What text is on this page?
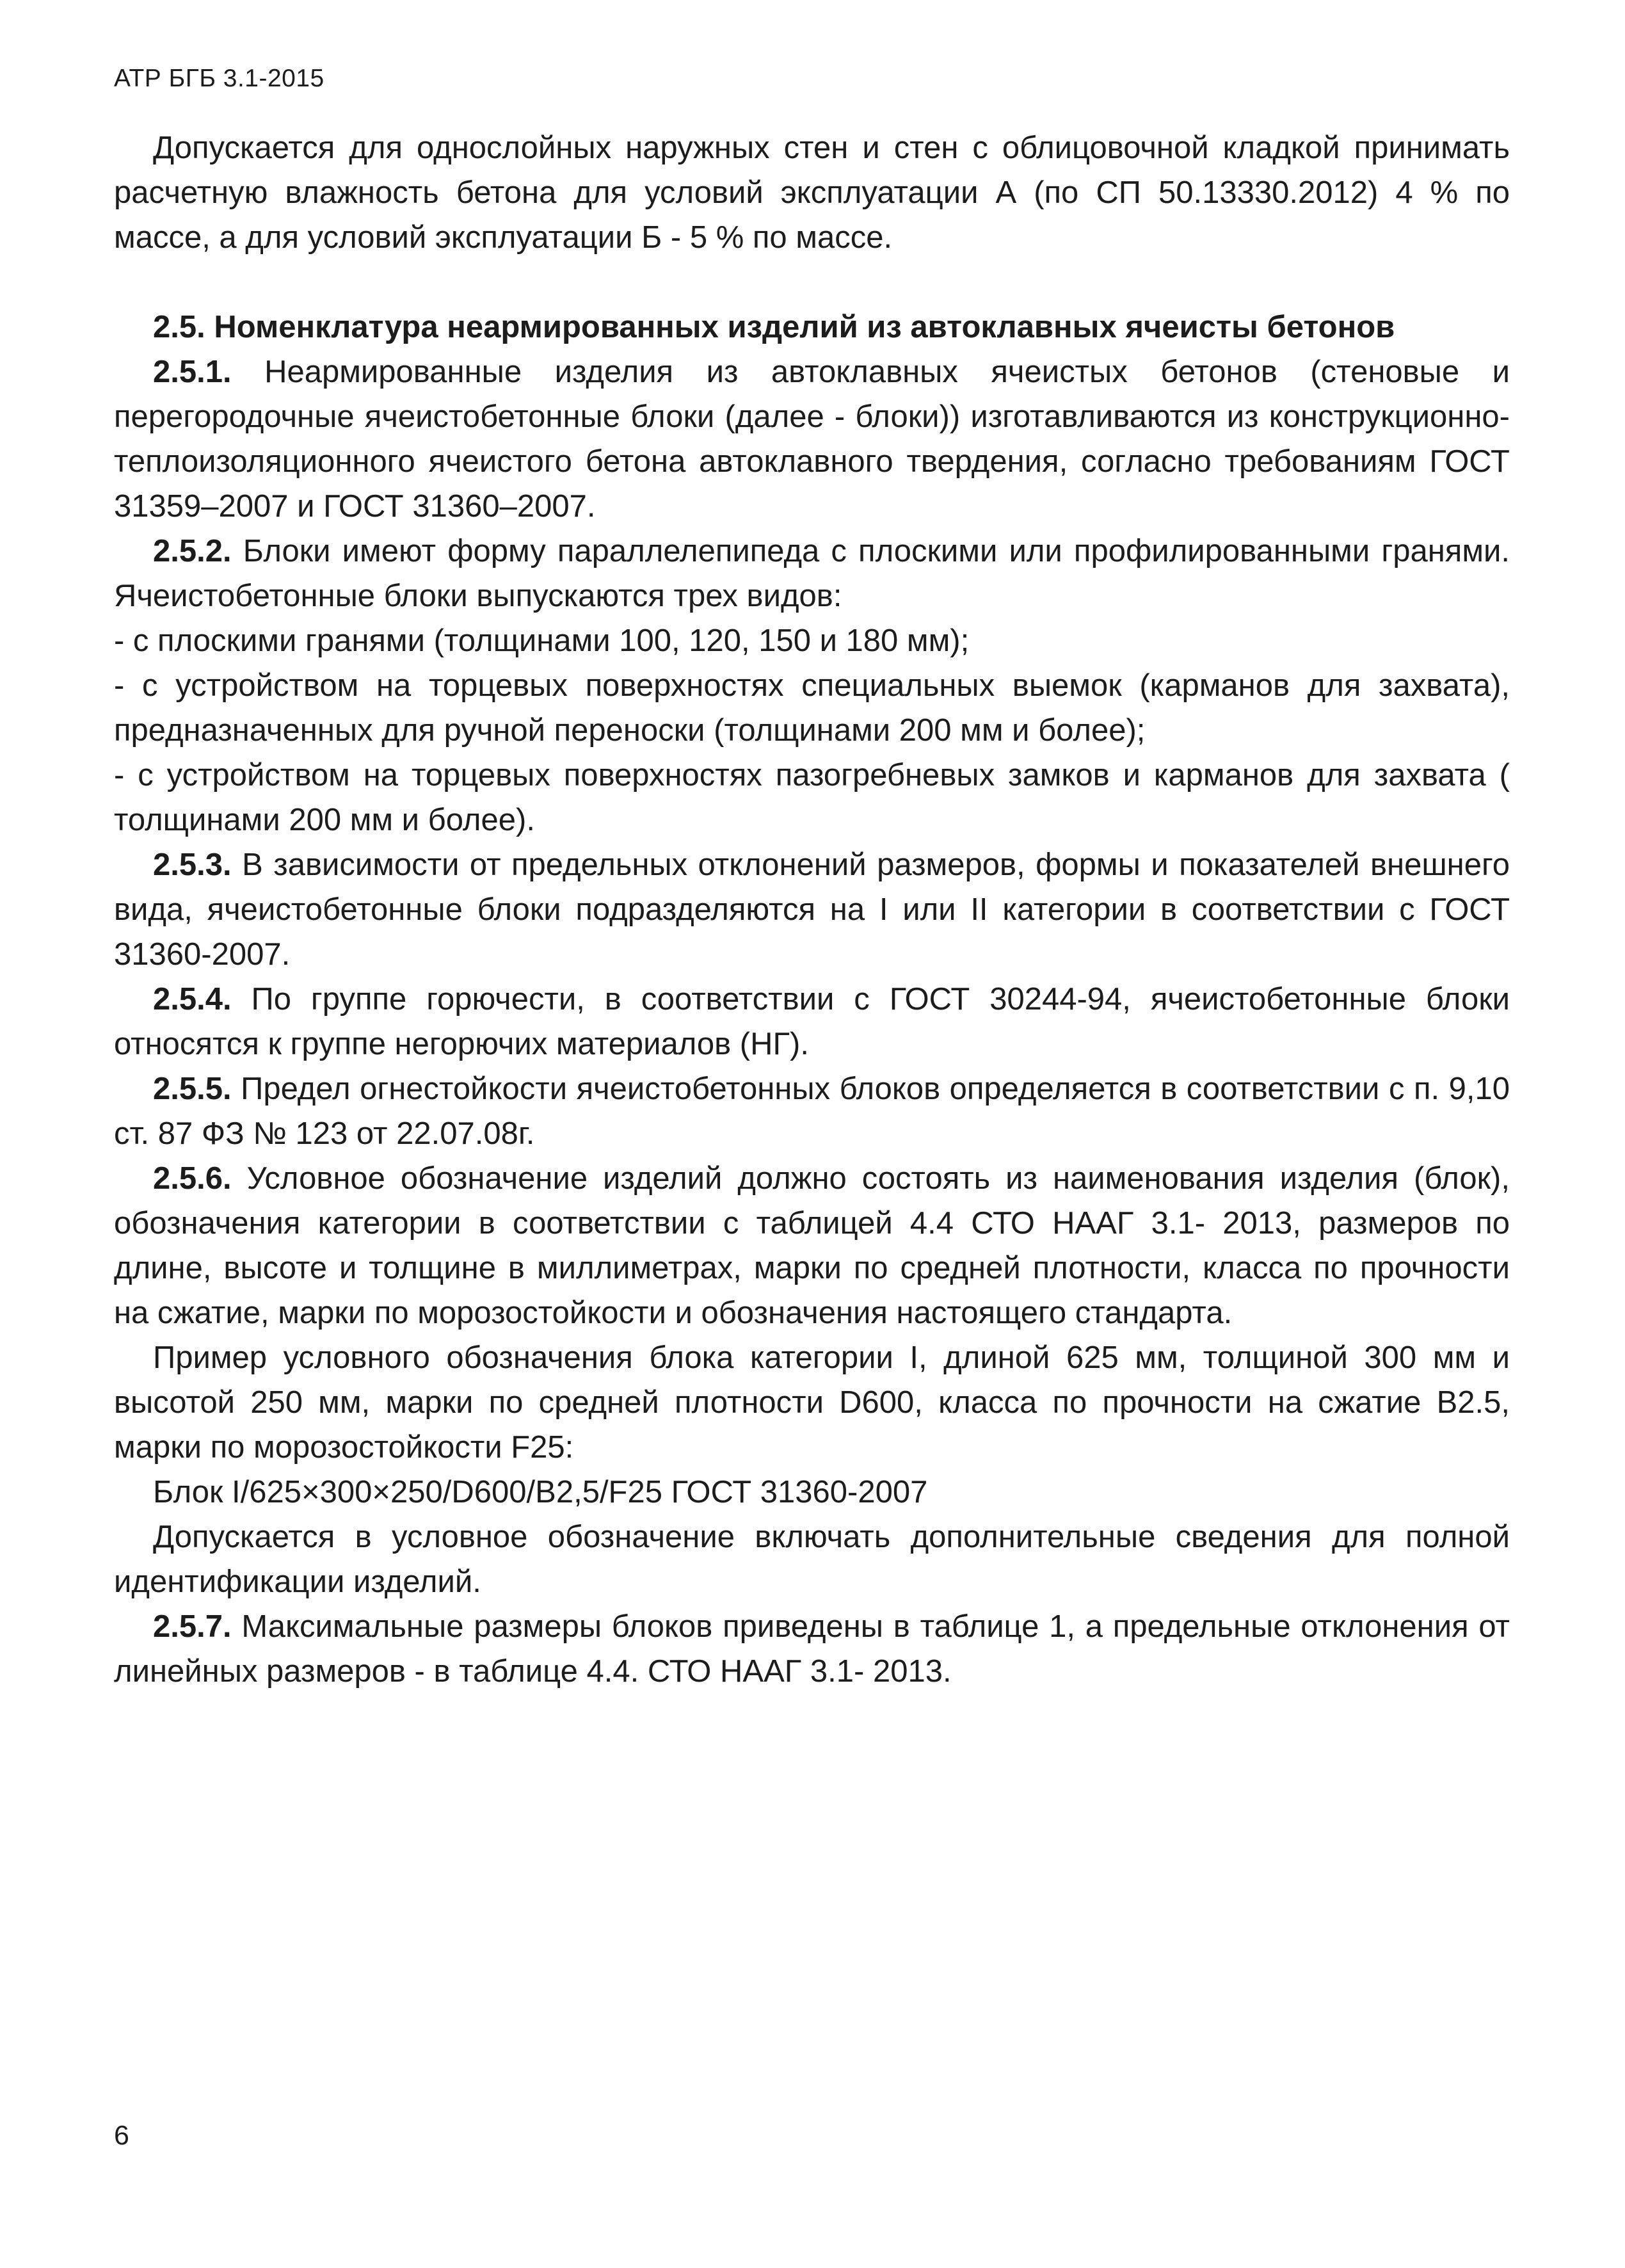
АТР БГБ 3.1-2015

Допускается для однослойных наружных стен и стен с облицовочной кладкой принимать расчетную влажность бетона для условий эксплуатации А (по СП 50.13330.2012) 4 % по массе, а для условий эксплуатации Б - 5 % по массе.

2.5. Номенклатура неармированных изделий из автоклавных ячеисты бетонов

2.5.1. Неармированные изделия из автоклавных ячеистых бетонов (стеновые и перегородочные ячеистобетонные блоки (далее - блоки)) изготавливаются из конструкционно-теплоизоляционного ячеистого бетона автоклавного твердения, согласно требованиям ГОСТ 31359–2007 и ГОСТ 31360–2007.

2.5.2. Блоки имеют форму параллелепипеда с плоскими или профилированными гранями. Ячеистобетонные блоки выпускаются трех видов:

- с плоскими гранями (толщинами 100, 120, 150 и 180 мм);

- с устройством на торцевых поверхностях специальных выемок (карманов для захвата), предназначенных для ручной переноски (толщинами 200 мм и более);

- с устройством на торцевых поверхностях пазогребневых замков и карманов для захвата ( толщинами 200 мм и более).

2.5.3. В зависимости от предельных отклонений размеров, формы и показателей внешнего вида, ячеистобетонные блоки подразделяются на I или II категории в соответствии с ГОСТ 31360-2007.

2.5.4. По группе горючести, в соответствии с ГОСТ 30244-94, ячеистобетонные блоки относятся к группе негорючих материалов (НГ).

2.5.5. Предел огнестойкости ячеистобетонных блоков определяется в соответствии с п. 9,10 ст. 87 ФЗ № 123 от 22.07.08г.

2.5.6. Условное обозначение изделий должно состоять из наименования изделия (блок), обозначения категории в соответствии с таблицей 4.4 СТО НААГ 3.1- 2013, размеров по длине, высоте и толщине в миллиметрах, марки по средней плотности, класса по прочности на сжатие, марки по морозостойкости и обозначения настоящего стандарта.

Пример условного обозначения блока категории I, длиной 625 мм, толщиной 300 мм и высотой 250 мм, марки по средней плотности D600, класса по прочности на сжатие В2.5, марки по морозостойкости F25:

Блок I/625×300×250/D600/В2,5/F25 ГОСТ 31360-2007

Допускается в условное обозначение включать дополнительные сведения для полной идентификации изделий.

2.5.7. Максимальные размеры блоков приведены в таблице 1, а предельные отклонения от линейных размеров - в таблице 4.4. СТО НААГ 3.1- 2013.

6
